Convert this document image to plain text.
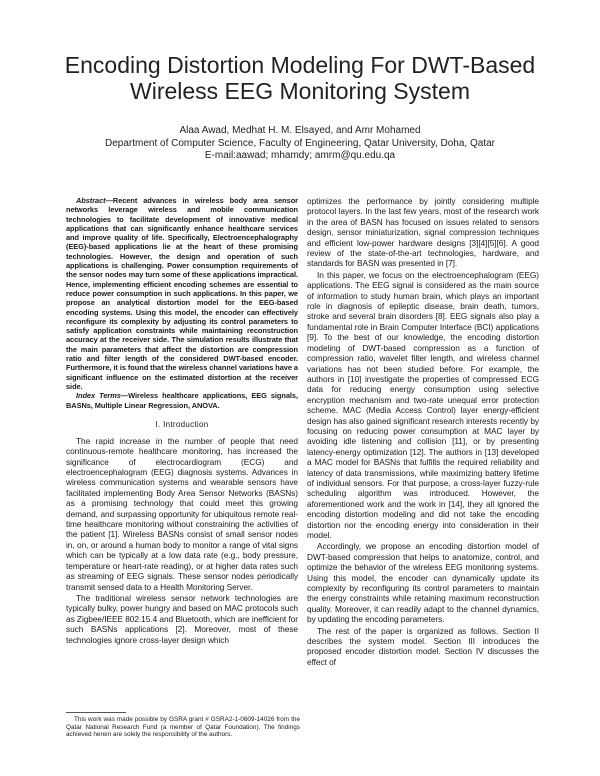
Encoding Distortion Modeling For DWT-Based
Wireless EEG Monitoring System
Alaa Awad, Medhat H. M. Elsayed, and Amr Mohamed
Department of Computer Science, Faculty of Engineering, Qatar University, Doha, Qatar
E-mail:aawad; mhamdy; amrm@qu.edu.qa

Abstract—Recent advances in wireless body area sensor networks leverage wireless and mobile communication technologies to facilitate development of innovative medical applications that can significantly enhance healthcare services and improve quality of life. Specifically, Electroencephalography (EEG)-based applications lie at the heart of these promising technologies. However, the design and operation of such applications is challenging. Power consumption requirements of the sensor nodes may turn some of these applications impractical. Hence, implementing efficient encoding schemes are essential to reduce power consumption in such applications. In this paper, we propose an analytical distortion model for the EEG-based encoding systems. Using this model, the encoder can effectively reconfigure its complexity by adjusting its control parameters to satisfy application constraints while maintaining reconstruction accuracy at the receiver side. The simulation results illustrate that the main parameters that affect the distortion are compression ratio and filter length of the considered DWT-based encoder. Furthermore, it is found that the wireless channel variations have a significant influence on the estimated distortion at the receiver side.

Index Terms—Wireless healthcare applications, EEG signals, BASNs, Multiple Linear Regression, ANOVA.

I. Introduction

The rapid increase in the number of people that need continuous-remote healthcare monitoring, has increased the significance of electrocardiogram (ECG) and electroencephalogram (EEG) diagnosis systems. Advances in wireless communication systems and wearable sensors have facilitated implementing Body Area Sensor Networks (BASNs) as a promising technology that could meet this growing demand, and surpassing opportunity for ubiquitous remote real-time healthcare monitoring without constraining the activities of the patient [1]. Wireless BASNs consist of small sensor nodes in, on, or around a human body to monitor a range of vital signs which can be typically at a low data rate (e.g., body pressure, temperature or heart-rate reading), or at higher data rates such as streaming of EEG signals. These sensor nodes periodically transmit sensed data to a Health Monitoring Server.

The traditional wireless sensor network technologies are typically bulky, power hungry and based on MAC protocols such as Zigbee/IEEE 802.15.4 and Bluetooth, which are inefficient for such BASNs applications [2]. Moreover, most of these technologies ignore cross-layer design which

This work was made possible by GSRA grant # GSRA2-1-0609-14026 from the Qatar National Research Fund (a member of Qatar Foundation). The findings achieved herein are solely the responsibility of the authors.

optimizes the performance by jointly considering multiple protocol layers. In the last few years, most of the research work in the area of BASN has focused on issues related to sensors design, sensor miniaturization, signal compression techniques and efficient low-power hardware designs [3][4][5][6]. A good review of the state-of-the-art technologies, hardware, and standards for BASN was presented in [7].

In this paper, we focus on the electroencephalogram (EEG) applications. The EEG signal is considered as the main source of information to study human brain, which plays an important role in diagnosis of epileptic disease, brain death, tumors, stroke and several brain disorders [8]. EEG signals also play a fundamental role in Brain Computer Interface (BCI) applications [9]. To the best of our knowledge, the encoding distortion modeling of DWT-based compression as a function of compression ratio, wavelet filter length, and wireless channel variations has not been studied before. For example, the authors in [10] investigate the properties of compressed ECG data for reducing energy consumption using selective encryption mechanism and two-rate unequal error protection scheme. MAC (Media Access Control) layer energy-efficient design has also gained significant research interests recently by focusing on reducing power consumption at MAC layer by avoiding idle listening and collision [11], or by presenting latency-energy optimization [12]. The authors in [13] developed a MAC model for BASNs that fulfills the required reliability and latency of data transmissions, while maximizing battery lifetime of individual sensors. For that purpose, a cross-layer fuzzy-rule scheduling algorithm was introduced. However, the aforementioned work and the work in [14], they all ignored the encoding distortion modeling and did not take the encoding distortion nor the encoding energy into consideration in their model.

Accordingly, we propose an encoding distortion model of DWT-based compression that helps to anatomize, control, and optimize the behavior of the wireless EEG monitoring systems. Using this model, the encoder can dynamically update its complexity by reconfiguring its control parameters to maintain the energy constraints while retaining maximum reconstruction quality. Moreover, it can readily adapt to the channel dynamics, by updating the encoding parameters.

The rest of the paper is organized as follows. Section II describes the system model. Section III introduces the proposed encoder distortion model. Section IV discusses the effect of
